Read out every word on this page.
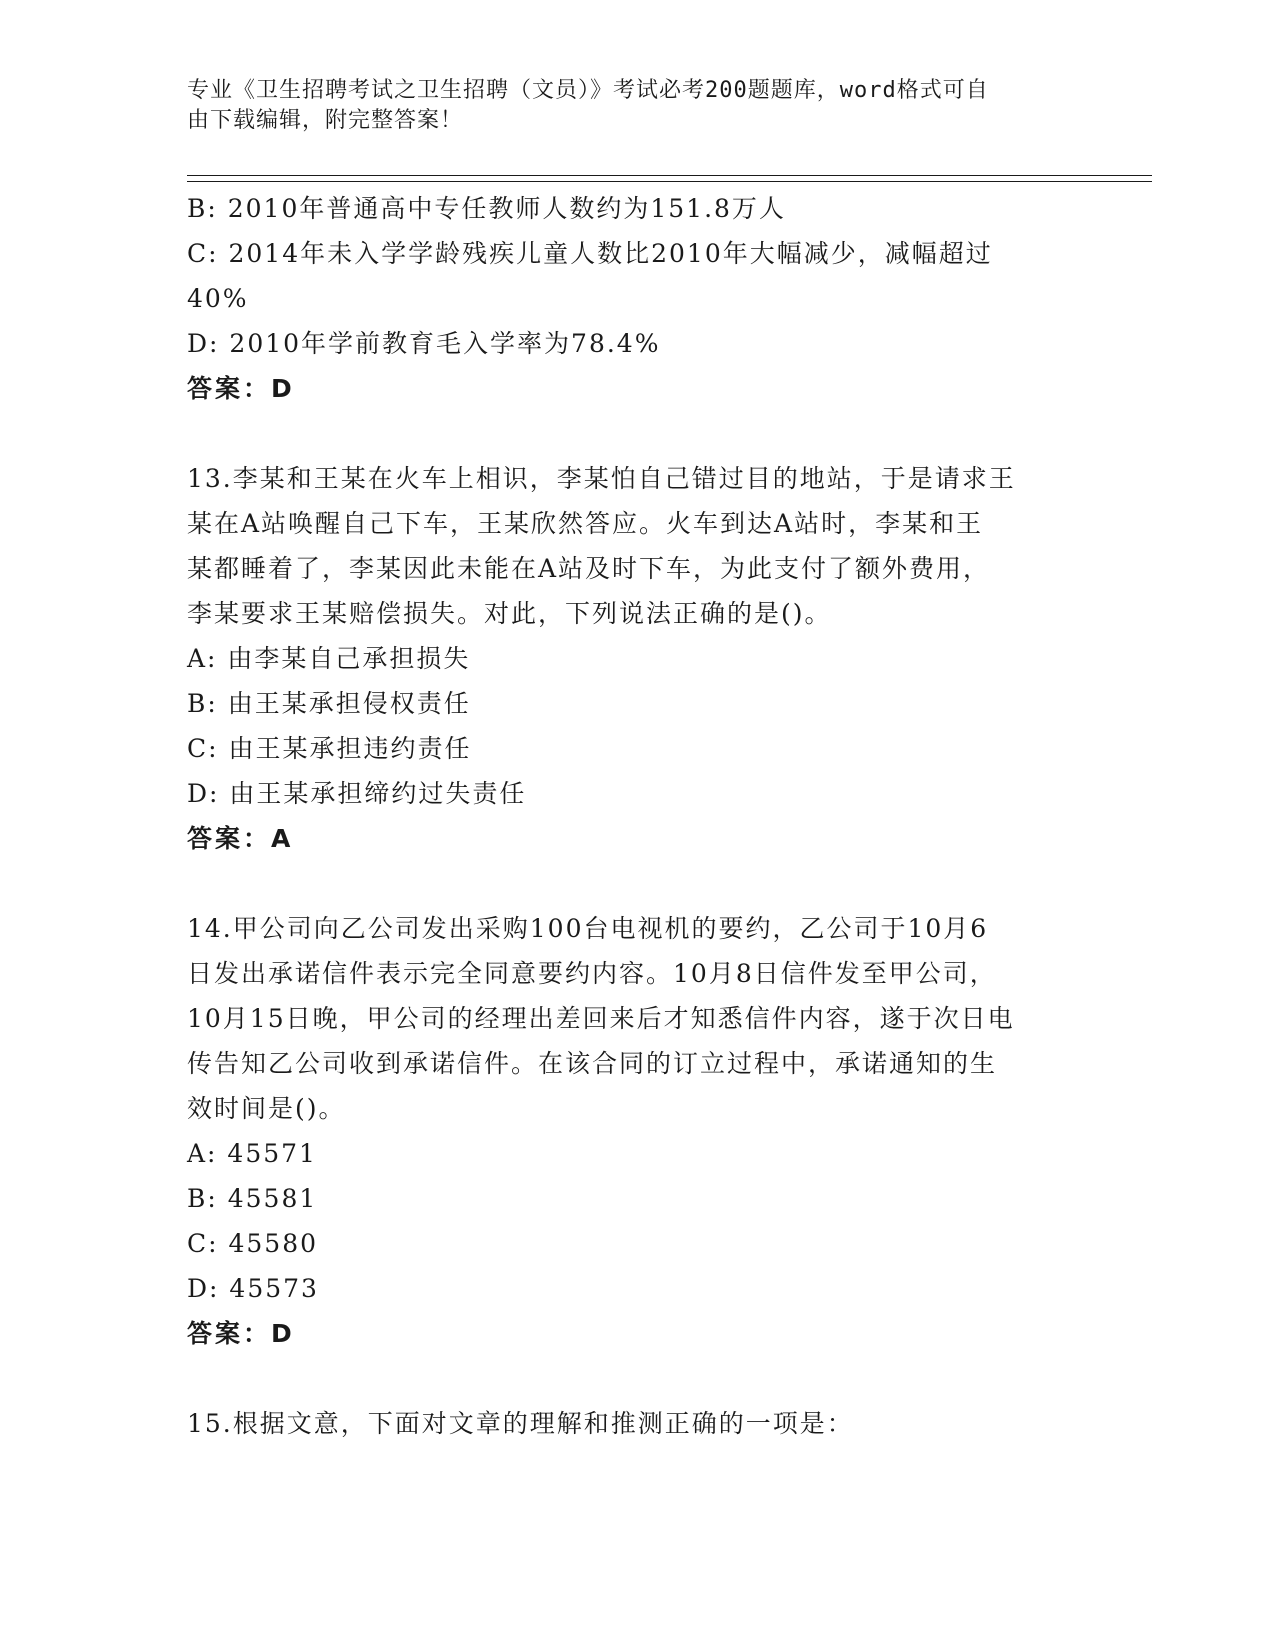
专业《卫生招聘考试之卫生招聘（文员）》考试必考200题题库，word格式可自
由下载编辑，附完整答案！
B: 2010年普通高中专任教师人数约为151.8万人
C: 2014年未入学学龄残疾儿童人数比2010年大幅减少，减幅超过
40%
D: 2010年学前教育毛入学率为78.4%
答案：D
13.李某和王某在火车上相识，李某怕自己错过目的地站，于是请求王
某在A站唤醒自己下车，王某欣然答应。火车到达A站时，李某和王
某都睡着了，李某因此未能在A站及时下车，为此支付了额外费用，
李某要求王某赔偿损失。对此，下列说法正确的是()。
A: 由李某自己承担损失
B: 由王某承担侵权责任
C: 由王某承担违约责任
D: 由王某承担缔约过失责任
答案：A
14.甲公司向乙公司发出采购100台电视机的要约，乙公司于10月6
日发出承诺信件表示完全同意要约内容。10月8日信件发至甲公司，
10月15日晚，甲公司的经理出差回来后才知悉信件内容，遂于次日电
传告知乙公司收到承诺信件。在该合同的订立过程中，承诺通知的生
效时间是()。
A: 45571
B: 45581
C: 45580
D: 45573
答案：D
15.根据文意，下面对文章的理解和推测正确的一项是：
